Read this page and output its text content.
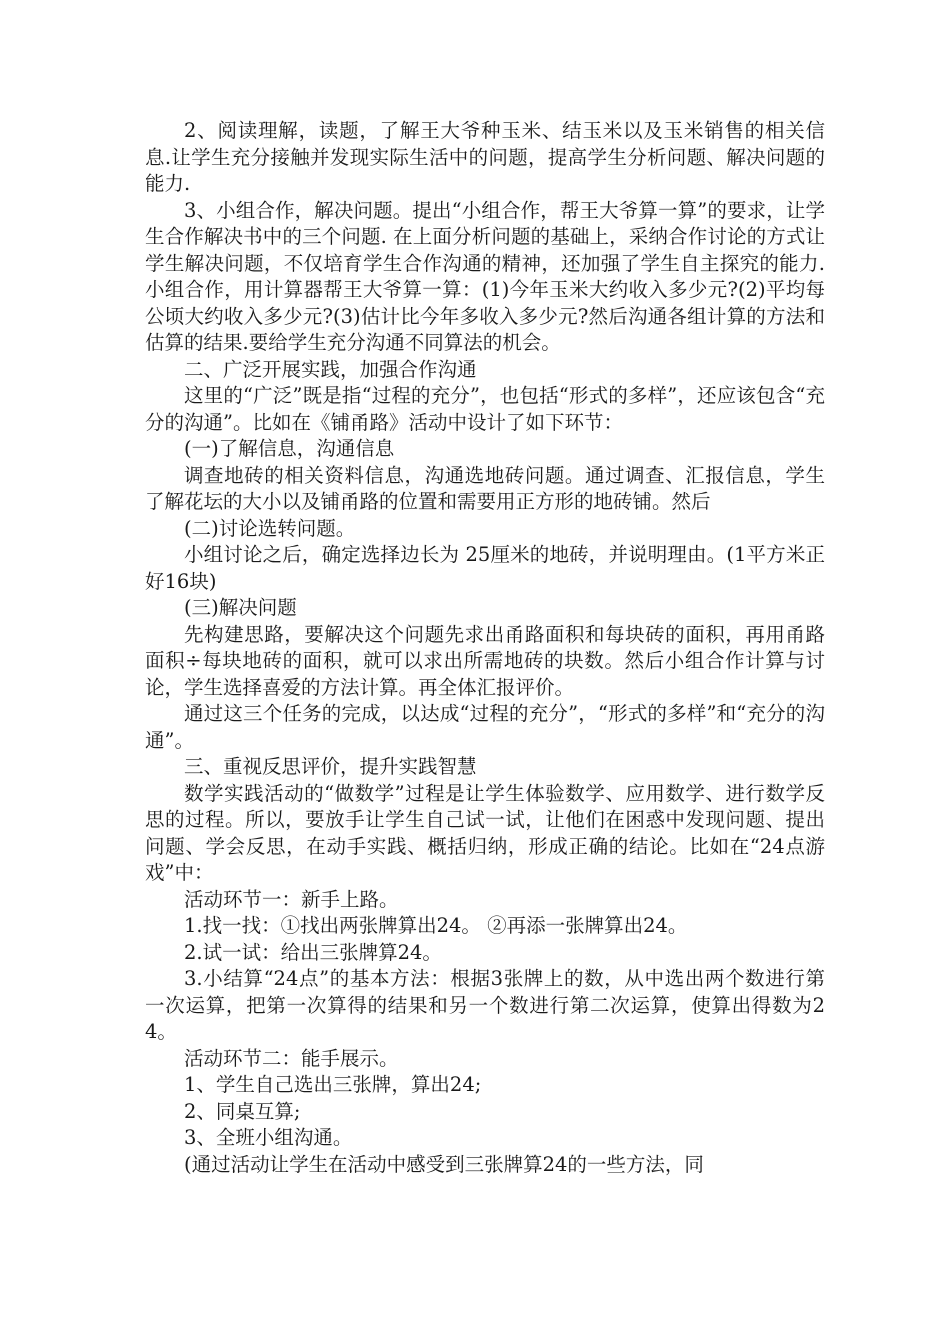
2、阅读理解，读题，了解王大爷种玉米、结玉米以及玉米销售的相关信息.让学生充分接触并发现实际生活中的问题，提高学生分析问题、解决问题的能力.

3、小组合作，解决问题。提出“小组合作，帮王大爷算一算”的要求，让学生合作解决书中的三个问题. 在上面分析问题的基础上，采纳合作讨论的方式让学生解决问题，不仅培育学生合作沟通的精神，还加强了学生自主探究的能力.小组合作，用计算器帮王大爷算一算：(1)今年玉米大约收入多少元?(2)平均每公顷大约收入多少元?(3)估计比今年多收入多少元?然后沟通各组计算的方法和估算的结果.要给学生充分沟通不同算法的机会。

二、广泛开展实践，加强合作沟通

这里的“广泛”既是指“过程的充分”，也包括“形式的多样”，还应该包含“充分的沟通”。比如在《铺甬路》活动中设计了如下环节：

(一)了解信息，沟通信息

调查地砖的相关资料信息，沟通选地砖问题。通过调查、汇报信息，学生了解花坛的大小以及铺甬路的位置和需要用正方形的地砖铺。然后

(二)讨论选转问题。

小组讨论之后，确定选择边长为 25厘米的地砖，并说明理由。(1平方米正好16块)

(三)解决问题

先构建思路，要解决这个问题先求出甬路面积和每块砖的面积，再用甬路面积÷每块地砖的面积，就可以求出所需地砖的块数。然后小组合作计算与讨论，学生选择喜爱的方法计算。再全体汇报评价。

通过这三个任务的完成，以达成“过程的充分”，“形式的多样”和“充分的沟通”。

三、重视反思评价，提升实践智慧

数学实践活动的“做数学”过程是让学生体验数学、应用数学、进行数学反思的过程。所以，要放手让学生自己试一试，让他们在困惑中发现问题、提出问题、学会反思，在动手实践、概括归纳，形成正确的结论。比如在“24点游戏”中：

活动环节一：新手上路。

1.找一找：①找出两张牌算出24。 ②再添一张牌算出24。

2.试一试：给出三张牌算24。

3.小结算“24点”的基本方法：根据3张牌上的数，从中选出两个数进行第一次运算，把第一次算得的结果和另一个数进行第二次运算，使算出得数为24。

活动环节二：能手展示。

1、学生自己选出三张牌，算出24;

2、同桌互算;

3、全班小组沟通。

(通过活动让学生在活动中感受到三张牌算24的一些方法，同
